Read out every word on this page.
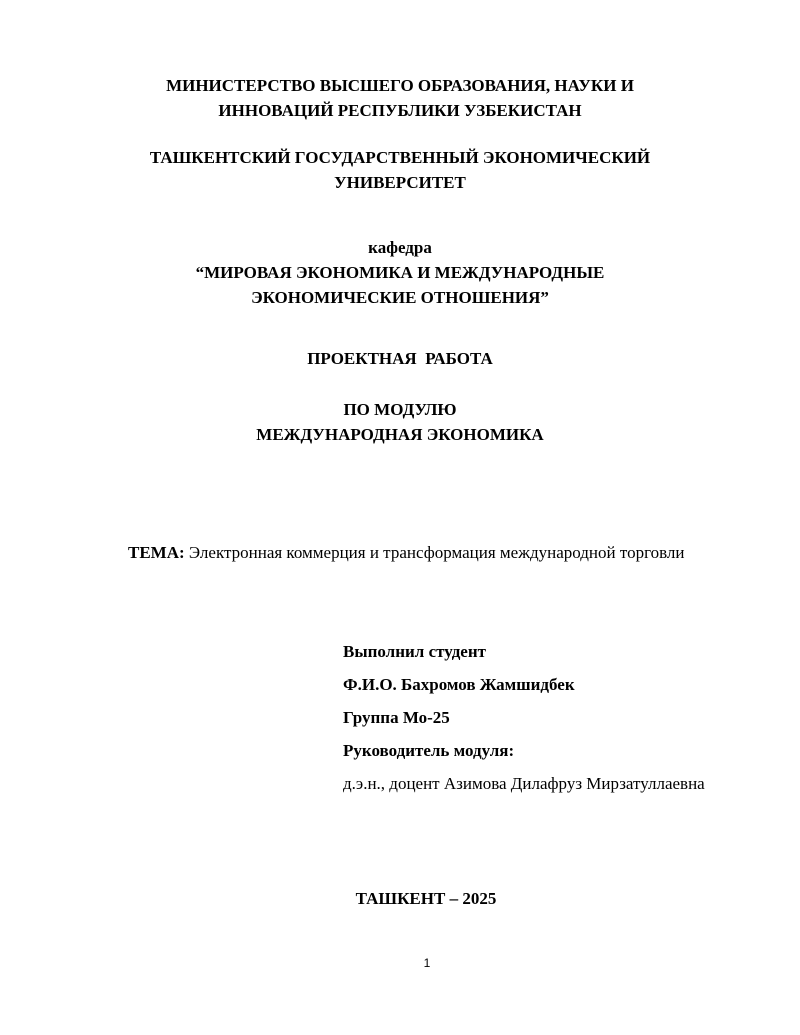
МИНИСТЕРСТВО ВЫСШЕГО ОБРАЗОВАНИЯ, НАУКИ И
ИННОВАЦИЙ РЕСПУБЛИКИ УЗБЕКИСТАН
ТАШКЕНТСКИЙ ГОСУДАРСТВЕННЫЙ ЭКОНОМИЧЕСКИЙ
УНИВЕРСИТЕТ
кафедра
“МИРОВАЯ ЭКОНОМИКА И МЕЖДУНАРОДНЫЕ
ЭКОНОМИЧЕСКИЕ ОТНОШЕНИЯ”
ПРОЕКТНАЯ  РАБОТА
ПО МОДУЛЮ
МЕЖДУНАРОДНАЯ ЭКОНОМИКА
ТЕМА: Электронная коммерция и трансформация международной торговли
Выполнил студент
Ф.И.О. Бахромов Жамшидбек
Группа Мо-25
Руководитель модуля:
д.э.н., доцент Азимова Дилафруз Мирзатуллаевна
ТАШКЕНТ – 2025
1
